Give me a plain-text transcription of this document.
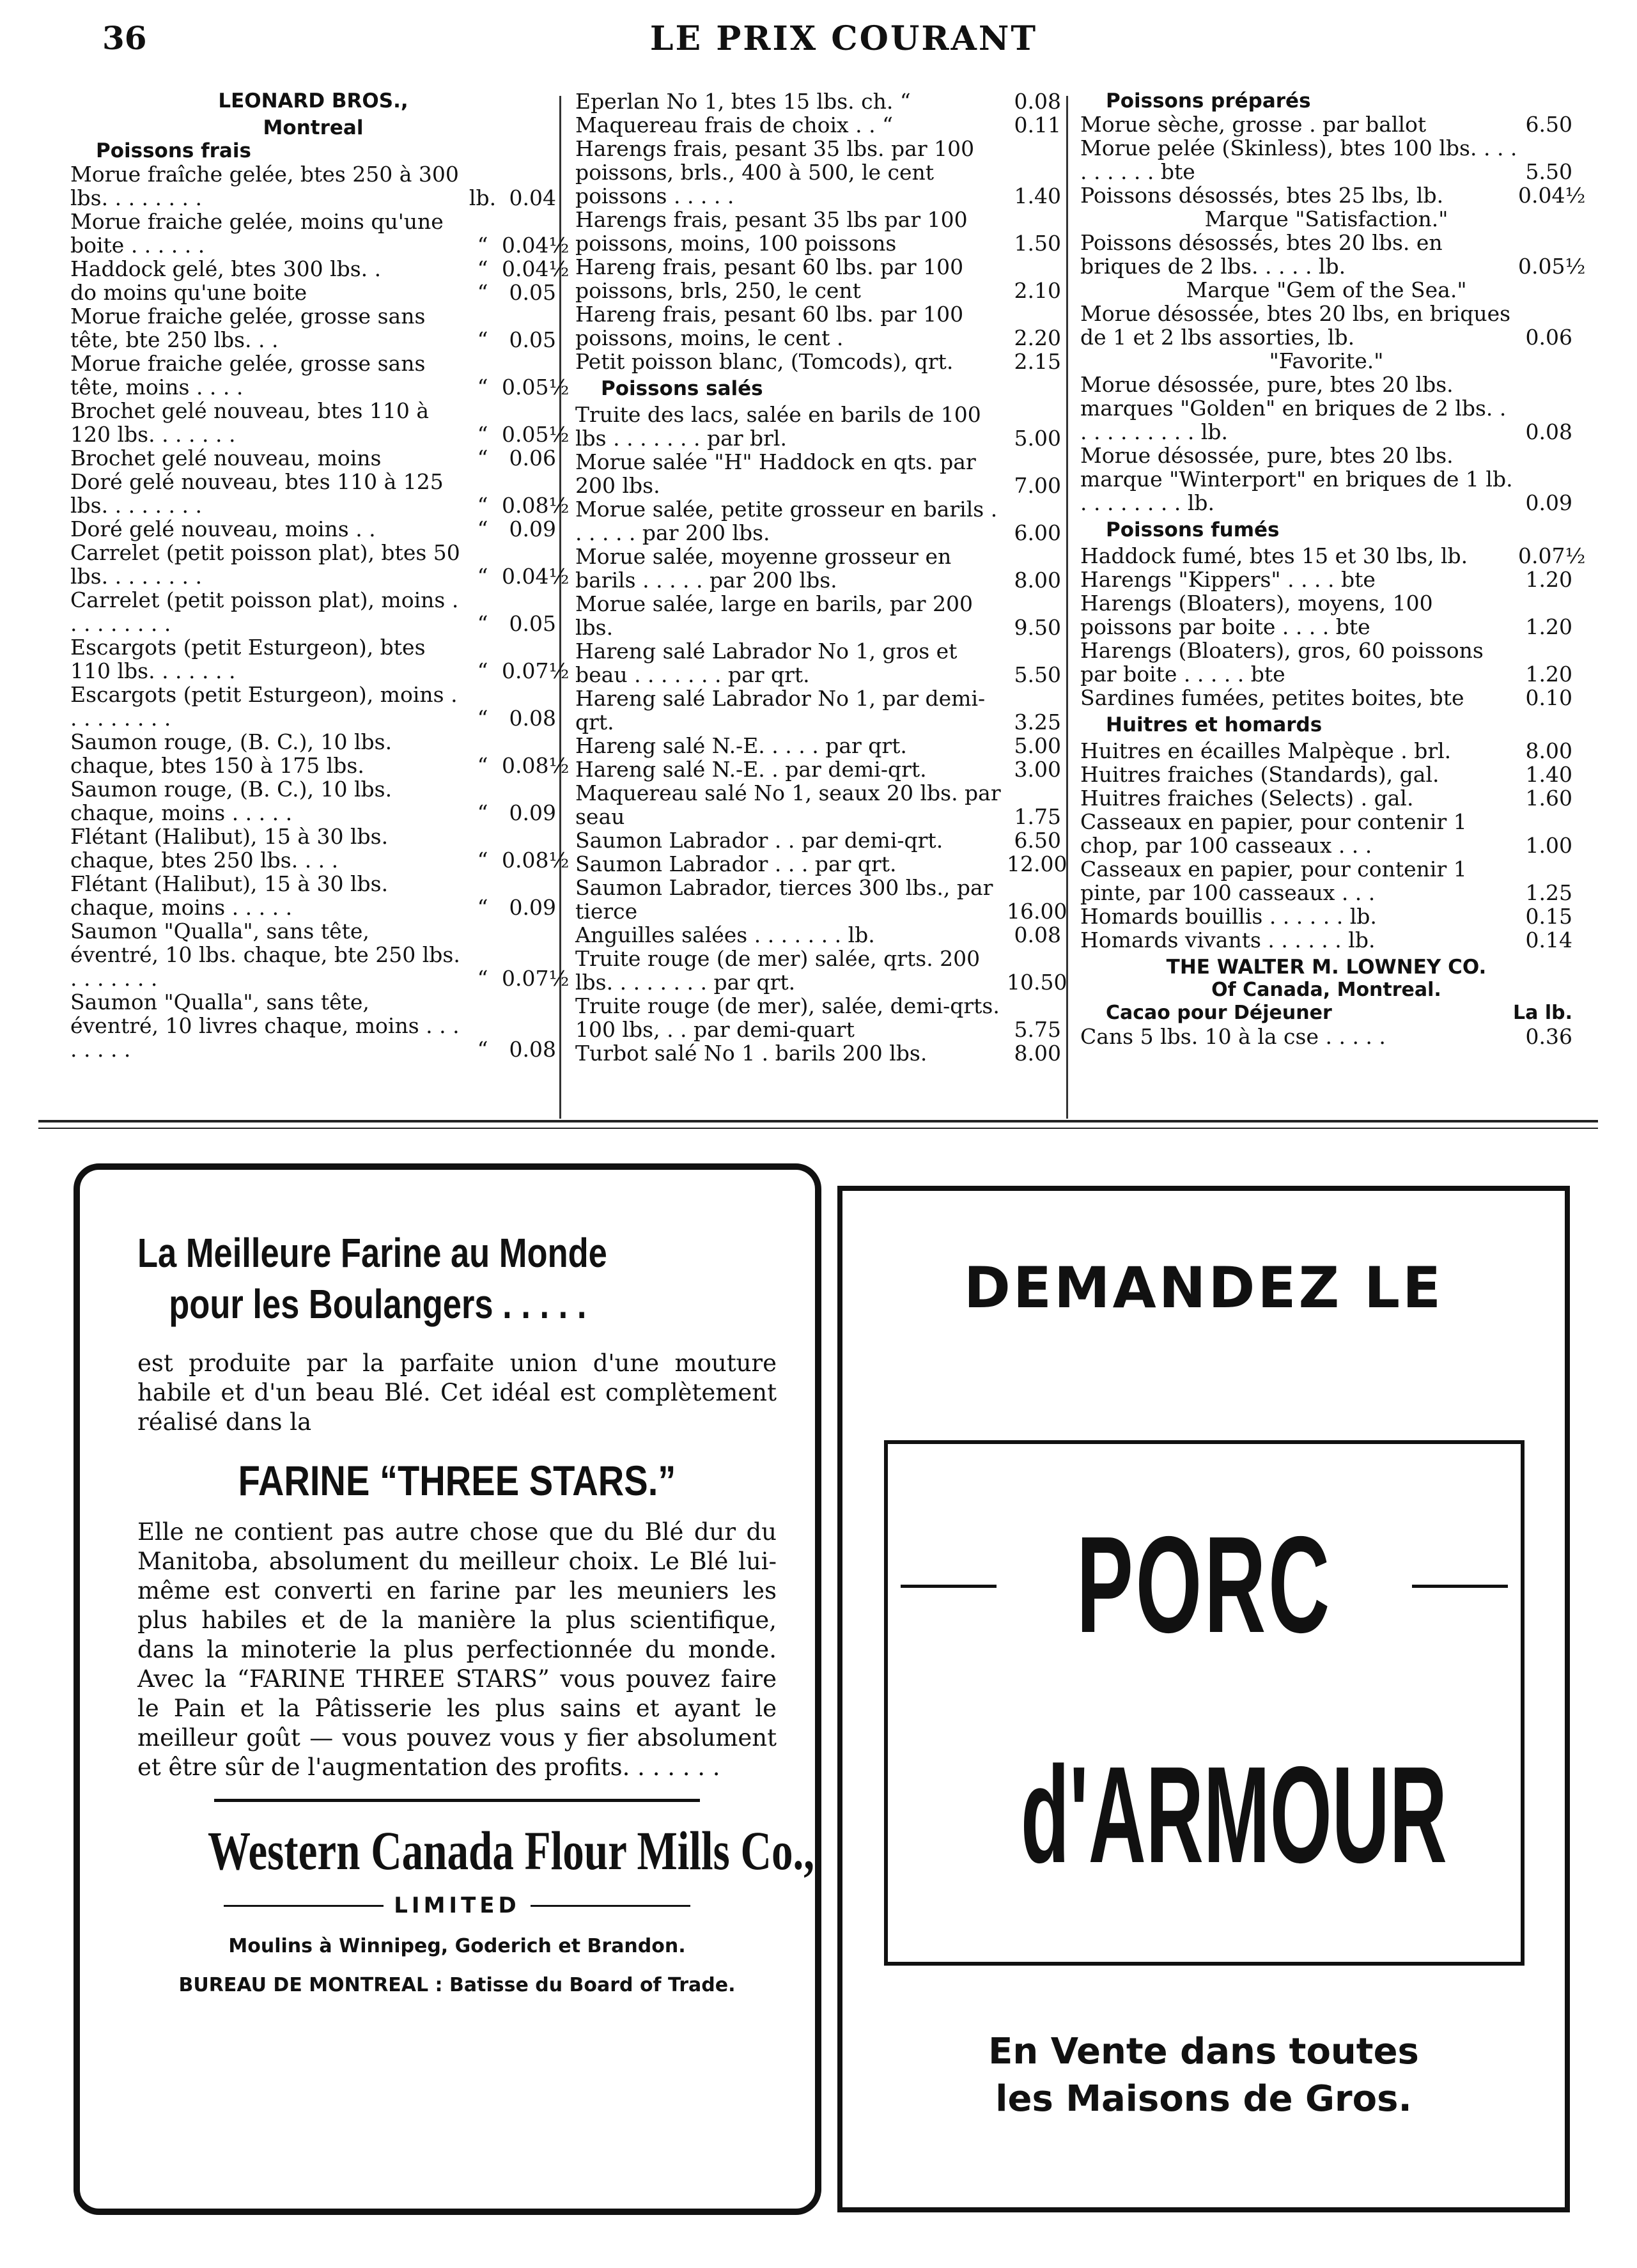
36	LE PRIX COURANT
LEONARD BROS.,
Montreal
Poissons frais
Morue fraîche gelée, btes 250 à 300 lbs. . . . . . . .	lb. 0.04
Morue fraiche gelée, moins qu'une boite . . . . . .	“ 0.04½
Haddock gelé, btes 300 lbs. .	“ 0.04½
do moins qu'une boite	“	0.05
Morue fraiche gelée, grosse sans tête, bte 250 lbs. . .	“	0.05
Morue fraiche gelée, grosse sans tête, moins . . . .	“ 0.05½
Brochet gelé nouveau, btes 110 à 120 lbs. . . . . . .	“ 0.05½
Brochet gelé nouveau, moins	“	0.06
Doré gelé nouveau, btes 110 à 125 lbs. . . . . . . .	“ 0.08½
Doré gelé nouveau, moins . .	“	0.09
Carrelet (petit poisson plat), btes 50 lbs. . . . . . . .	“ 0.04½
Carrelet (petit poisson plat), moins . . . . . . . . .	“	0.05
Escargots (petit Esturgeon), btes 110 lbs. . . . . . .	“ 0.07½
Escargots (petit Esturgeon), moins . . . . . . . . .	“	0.08
Saumon rouge, (B. C.), 10 lbs. chaque, btes 150 à 175 lbs.	“ 0.08½
Saumon rouge, (B. C.), 10 lbs. chaque, moins . . . . .	“	0.09
Flétant (Halibut), 15 à 30 lbs. chaque, btes 250 lbs. . . .	“ 0.08½
Flétant (Halibut), 15 à 30 lbs. chaque, moins . . . . .	“	0.09
Saumon "Qualla", sans tête, éventré, 10 lbs. chaque, bte 250 lbs. . . . . . . .	“ 0.07½
Saumon "Qualla", sans tête, éventré, 10 livres chaque, moins . . . . . . . .	“	0.08
Eperlan No 1, btes 15 lbs. ch. “	0.08
Maquereau frais de choix . . “	0.11
Harengs frais, pesant 35 lbs. par 100 poissons, brls., 400 à 500, le cent poissons . . . . .	1.40
Harengs frais, pesant 35 lbs par 100 poissons, moins, 100 poissons	1.50
Hareng frais, pesant 60 lbs. par 100 poissons, brls, 250, le cent	2.10
Hareng frais, pesant 60 lbs. par 100 poissons, moins, le cent .	2.20
Petit poisson blanc, (Tomcods), qrt.	2.15
Poissons salés
Truite des lacs, salée en barils de 100 lbs . . . . . . . par brl.	5.00
Morue salée "H" Haddock en qts. par 200 lbs.	7.00
Morue salée, petite grosseur en barils . . . . . . par 200 lbs.	6.00
Morue salée, moyenne grosseur en barils . . . . . par 200 lbs.	8.00
Morue salée, large en barils, par 200 lbs.	9.50
Hareng salé Labrador No 1, gros et beau . . . . . . . par qrt.	5.50
Hareng salé Labrador No 1, par demi-qrt.	3.25
Hareng salé N.-E. . . . . par qrt.	5.00
Hareng salé N.-E. . par demi-qrt.	3.00
Maquereau salé No 1, seaux 20 lbs. par seau	1.75
Saumon Labrador . . par demi-qrt.	6.50
Saumon Labrador . . . par qrt.	12.00
Saumon Labrador, tierces 300 lbs., par tierce	16.00
Anguilles salées . . . . . . . lb.	0.08
Truite rouge (de mer) salée, qrts. 200 lbs. . . . . . . . par qrt.	10.50
Truite rouge (de mer), salée, demi-qrts. 100 lbs, . . par demi-quart	5.75
Turbot salé No 1 . barils 200 lbs.	8.00
Poissons préparés
Morue sèche, grosse . par ballot	6.50
Morue pelée (Skinless), btes 100 lbs. . . . . . . . . . bte	5.50
Poissons désossés, btes 25 lbs, lb.	0.04½
Marque "Satisfaction."
Poissons désossés, btes 20 lbs. en briques de 2 lbs. . . . . lb.	0.05½
Marque "Gem of the Sea."
Morue désossée, btes 20 lbs, en briques de 1 et 2 lbs assorties, lb.	0.06
"Favorite."
Morue désossée, pure, btes 20 lbs. marques "Golden" en briques de 2 lbs. . . . . . . . . . . lb.	0.08
Morue désossée, pure, btes 20 lbs. marque "Winterport" en briques de 1 lb. . . . . . . . . lb.	0.09
Poissons fumés
Haddock fumé, btes 15 et 30 lbs, lb.	0.07½
Harengs "Kippers" . . . . bte	1.20
Harengs (Bloaters), moyens, 100 poissons par boite . . . . bte	1.20
Harengs (Bloaters), gros, 60 poissons par boite . . . . . bte	1.20
Sardines fumées, petites boites, bte	0.10
Huitres et homards
Huitres en écailles Malpèque . brl.	8.00
Huitres fraiches (Standards), gal.	1.40
Huitres fraiches (Selects) . gal.	1.60
Casseaux en papier, pour contenir 1 chop, par 100 casseaux . . .	1.00
Casseaux en papier, pour contenir 1 pinte, par 100 casseaux . . .	1.25
Homards bouillis . . . . . . lb.	0.15
Homards vivants . . . . . . lb.	0.14
THE WALTER M. LOWNEY CO.
Of Canada, Montreal.
Cacao pour Déjeuner	La lb.
Cans 5 lbs. 10 à la cse . . . . .	0.36
La Meilleure Farine au Monde
pour les Boulangers . . . . .
est produite par la parfaite union d'une mouture habile et d'un beau Blé. Cet idéal est complètement réalisé dans la
FARINE “THREE STARS.”
Elle ne contient pas autre chose que du Blé dur du Manitoba, absolument du meilleur choix. Le Blé lui-même est converti en farine par les meuniers les plus habiles et de la manière la plus scientifique, dans la minoterie la plus perfectionnée du monde. Avec la “FARINE THREE STARS” vous pouvez faire le Pain et la Pâtisserie les plus sains et ayant le meilleur goût — vous pouvez vous y fier absolument et être sûr de l'augmentation des profits. . . . . . .
Western Canada Flour Mills Co.,
LIMITED
Moulins à Winnipeg, Goderich et Brandon.
BUREAU DE MONTREAL : Batisse du Board of Trade.
DEMANDEZ LE
PORC
d'ARMOUR
En Vente dans toutes
les Maisons de Gros.
